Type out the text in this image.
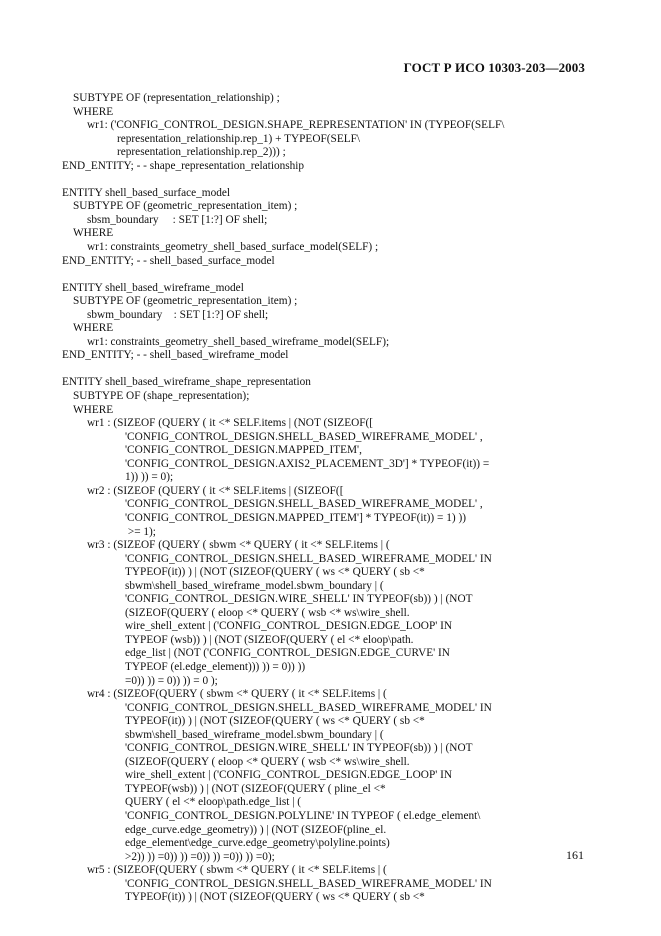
ГОСТ Р ИСО 10303-203—2003
SUBTYPE OF (representation_relationship) ;
WHERE
wr1: ('CONFIG_CONTROL_DESIGN.SHAPE_REPRESENTATION' IN (TYPEOF(SELF\
representation_relationship.rep_1) + TYPEOF(SELF\
representation_relationship.rep_2))) ;
END_ENTITY; - - shape_representation_relationship
ENTITY shell_based_surface_model
SUBTYPE OF (geometric_representation_item) ;
sbsm_boundary     : SET [1:?] OF shell;
WHERE
wr1: constraints_geometry_shell_based_surface_model(SELF) ;
END_ENTITY; - - shell_based_surface_model
ENTITY shell_based_wireframe_model
SUBTYPE OF (geometric_representation_item) ;
sbwm_boundary    : SET [1:?] OF shell;
WHERE
wr1: constraints_geometry_shell_based_wireframe_model(SELF);
END_ENTITY; - - shell_based_wireframe_model
ENTITY shell_based_wireframe_shape_representation
SUBTYPE OF (shape_representation);
WHERE
wr1 : (SIZEOF (QUERY ( it <* SELF.items | (NOT (SIZEOF([
'CONFIG_CONTROL_DESIGN.SHELL_BASED_WIREFRAME_MODEL' ,
'CONFIG_CONTROL_DESIGN.MAPPED_ITEM',
'CONFIG_CONTROL_DESIGN.AXIS2_PLACEMENT_3D'] * TYPEOF(it)) =
1)) )) = 0);
wr2 : (SIZEOF (QUERY ( it <* SELF.items | (SIZEOF([
'CONFIG_CONTROL_DESIGN.SHELL_BASED_WIREFRAME_MODEL' ,
'CONFIG_CONTROL_DESIGN.MAPPED_ITEM'] * TYPEOF(it)) = 1) ))
>= 1);
wr3 : (SIZEOF (QUERY ( sbwm <* QUERY ( it <* SELF.items | (
'CONFIG_CONTROL_DESIGN.SHELL_BASED_WIREFRAME_MODEL' IN
TYPEOF(it)) ) | (NOT (SIZEOF(QUERY ( ws <* QUERY ( sb <*
sbwm\shell_based_wireframe_model.sbwm_boundary | (
'CONFIG_CONTROL_DESIGN.WIRE_SHELL' IN TYPEOF(sb)) ) | (NOT
(SIZEOF(QUERY ( eloop <* QUERY ( wsb <* ws\wire_shell.
wire_shell_extent | ('CONFIG_CONTROL_DESIGN.EDGE_LOOP' IN
TYPEOF (wsb)) ) | (NOT (SIZEOF(QUERY ( el <* eloop\path.
edge_list | (NOT ('CONFIG_CONTROL_DESIGN.EDGE_CURVE' IN
TYPEOF (el.edge_element))) )) = 0)) ))
=0)) )) = 0)) )) = 0 );
wr4 : (SIZEOF(QUERY ( sbwm <* QUERY ( it <* SELF.items | (
'CONFIG_CONTROL_DESIGN.SHELL_BASED_WIREFRAME_MODEL' IN
TYPEOF(it)) ) | (NOT (SIZEOF(QUERY ( ws <* QUERY ( sb <*
sbwm\shell_based_wireframe_model.sbwm_boundary | (
'CONFIG_CONTROL_DESIGN.WIRE_SHELL' IN TYPEOF(sb)) ) | (NOT
(SIZEOF(QUERY ( eloop <* QUERY ( wsb <* ws\wire_shell.
wire_shell_extent | ('CONFIG_CONTROL_DESIGN.EDGE_LOOP' IN
TYPEOF(wsb)) ) | (NOT (SIZEOF(QUERY ( pline_el <*
QUERY ( el <* eloop\path.edge_list | (
'CONFIG_CONTROL_DESIGN.POLYLINE' IN TYPEOF ( el.edge_element\
edge_curve.edge_geometry)) ) | (NOT (SIZEOF(pline_el.
edge_element\edge_curve.edge_geometry\polyline.points)
>2)) )) =0)) )) =0)) )) =0)) )) =0);
wr5 : (SIZEOF(QUERY ( sbwm <* QUERY ( it <* SELF.items | (
'CONFIG_CONTROL_DESIGN.SHELL_BASED_WIREFRAME_MODEL' IN
TYPEOF(it)) ) | (NOT (SIZEOF(QUERY ( ws <* QUERY ( sb <*
161
